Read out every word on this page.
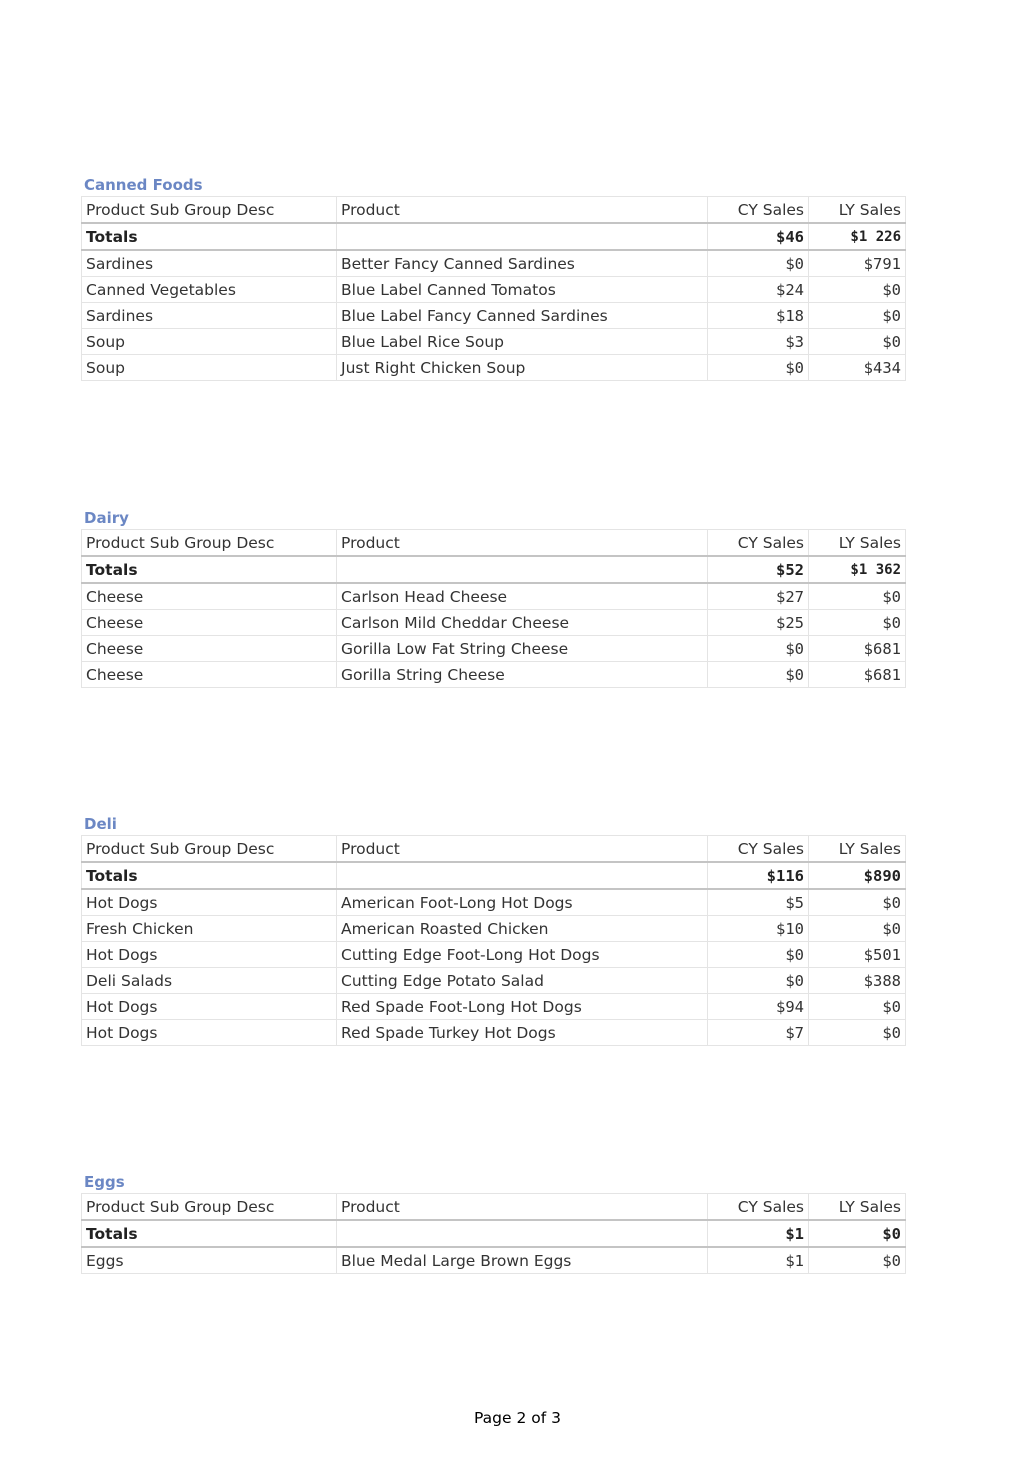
Canned Foods
Product Sub Group Desc	Product	CY Sales	LY Sales
Totals		$46	$1 226
Sardines	Better Fancy Canned Sardines	$0	$791
Canned Vegetables	Blue Label Canned Tomatos	$24	$0
Sardines	Blue Label Fancy Canned Sardines	$18	$0
Soup	Blue Label Rice Soup	$3	$0
Soup	Just Right Chicken Soup	$0	$434
Dairy
Product Sub Group Desc	Product	CY Sales	LY Sales
Totals		$52	$1 362
Cheese	Carlson Head Cheese	$27	$0
Cheese	Carlson Mild Cheddar Cheese	$25	$0
Cheese	Gorilla Low Fat String Cheese	$0	$681
Cheese	Gorilla String Cheese	$0	$681
Deli
Product Sub Group Desc	Product	CY Sales	LY Sales
Totals		$116	$890
Hot Dogs	American Foot-Long Hot Dogs	$5	$0
Fresh Chicken	American Roasted Chicken	$10	$0
Hot Dogs	Cutting Edge Foot-Long Hot Dogs	$0	$501
Deli Salads	Cutting Edge Potato Salad	$0	$388
Hot Dogs	Red Spade Foot-Long Hot Dogs	$94	$0
Hot Dogs	Red Spade Turkey Hot Dogs	$7	$0
Eggs
Product Sub Group Desc	Product	CY Sales	LY Sales
Totals		$1	$0
Eggs	Blue Medal Large Brown Eggs	$1	$0
Page 2 of 3
